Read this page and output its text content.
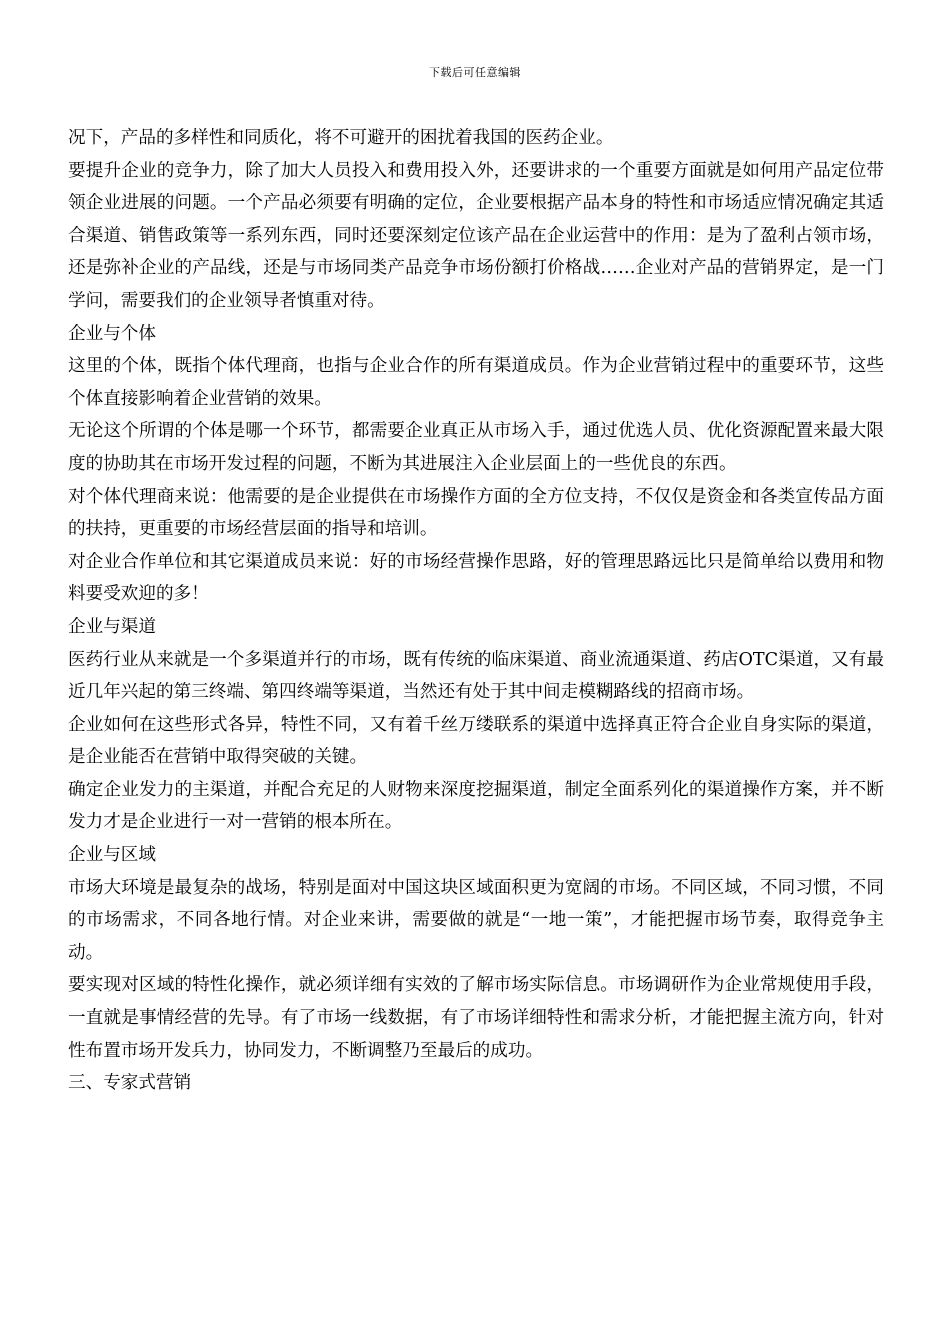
下载后可任意编辑

况下，产品的多样性和同质化，将不可避开的困扰着我国的医药企业。

要提升企业的竞争力，除了加大人员投入和费用投入外，还要讲求的一个重要方面就是如何用产品定位带领企业进展的问题。一个产品必须要有明确的定位，企业要根据产品本身的特性和市场适应情况确定其适合渠道、销售政策等一系列东西，同时还要深刻定位该产品在企业运营中的作用：是为了盈利占领市场，还是弥补企业的产品线，还是与市场同类产品竞争市场份额打价格战……企业对产品的营销界定，是一门学问，需要我们的企业领导者慎重对待。

企业与个体

这里的个体，既指个体代理商，也指与企业合作的所有渠道成员。作为企业营销过程中的重要环节，这些个体直接影响着企业营销的效果。

无论这个所谓的个体是哪一个环节，都需要企业真正从市场入手，通过优选人员、优化资源配置来最大限度的协助其在市场开发过程的问题，不断为其进展注入企业层面上的一些优良的东西。

对个体代理商来说：他需要的是企业提供在市场操作方面的全方位支持，不仅仅是资金和各类宣传品方面的扶持，更重要的市场经营层面的指导和培训。

对企业合作单位和其它渠道成员来说：好的市场经营操作思路，好的管理思路远比只是简单给以费用和物料要受欢迎的多！

企业与渠道

医药行业从来就是一个多渠道并行的市场，既有传统的临床渠道、商业流通渠道、药店OTC渠道，又有最近几年兴起的第三终端、第四终端等渠道，当然还有处于其中间走模糊路线的招商市场。

企业如何在这些形式各异，特性不同，又有着千丝万缕联系的渠道中选择真正符合企业自身实际的渠道，是企业能否在营销中取得突破的关键。

确定企业发力的主渠道，并配合充足的人财物来深度挖掘渠道，制定全面系列化的渠道操作方案，并不断发力才是企业进行一对一营销的根本所在。

企业与区域

市场大环境是最复杂的战场，特别是面对中国这块区域面积更为宽阔的市场。不同区域，不同习惯，不同的市场需求，不同各地行情。对企业来讲，需要做的就是“一地一策”，才能把握市场节奏，取得竞争主动。

要实现对区域的特性化操作，就必须详细有实效的了解市场实际信息。市场调研作为企业常规使用手段，一直就是事情经营的先导。有了市场一线数据，有了市场详细特性和需求分析，才能把握主流方向，针对性布置市场开发兵力，协同发力，不断调整乃至最后的成功。

三、专家式营销
